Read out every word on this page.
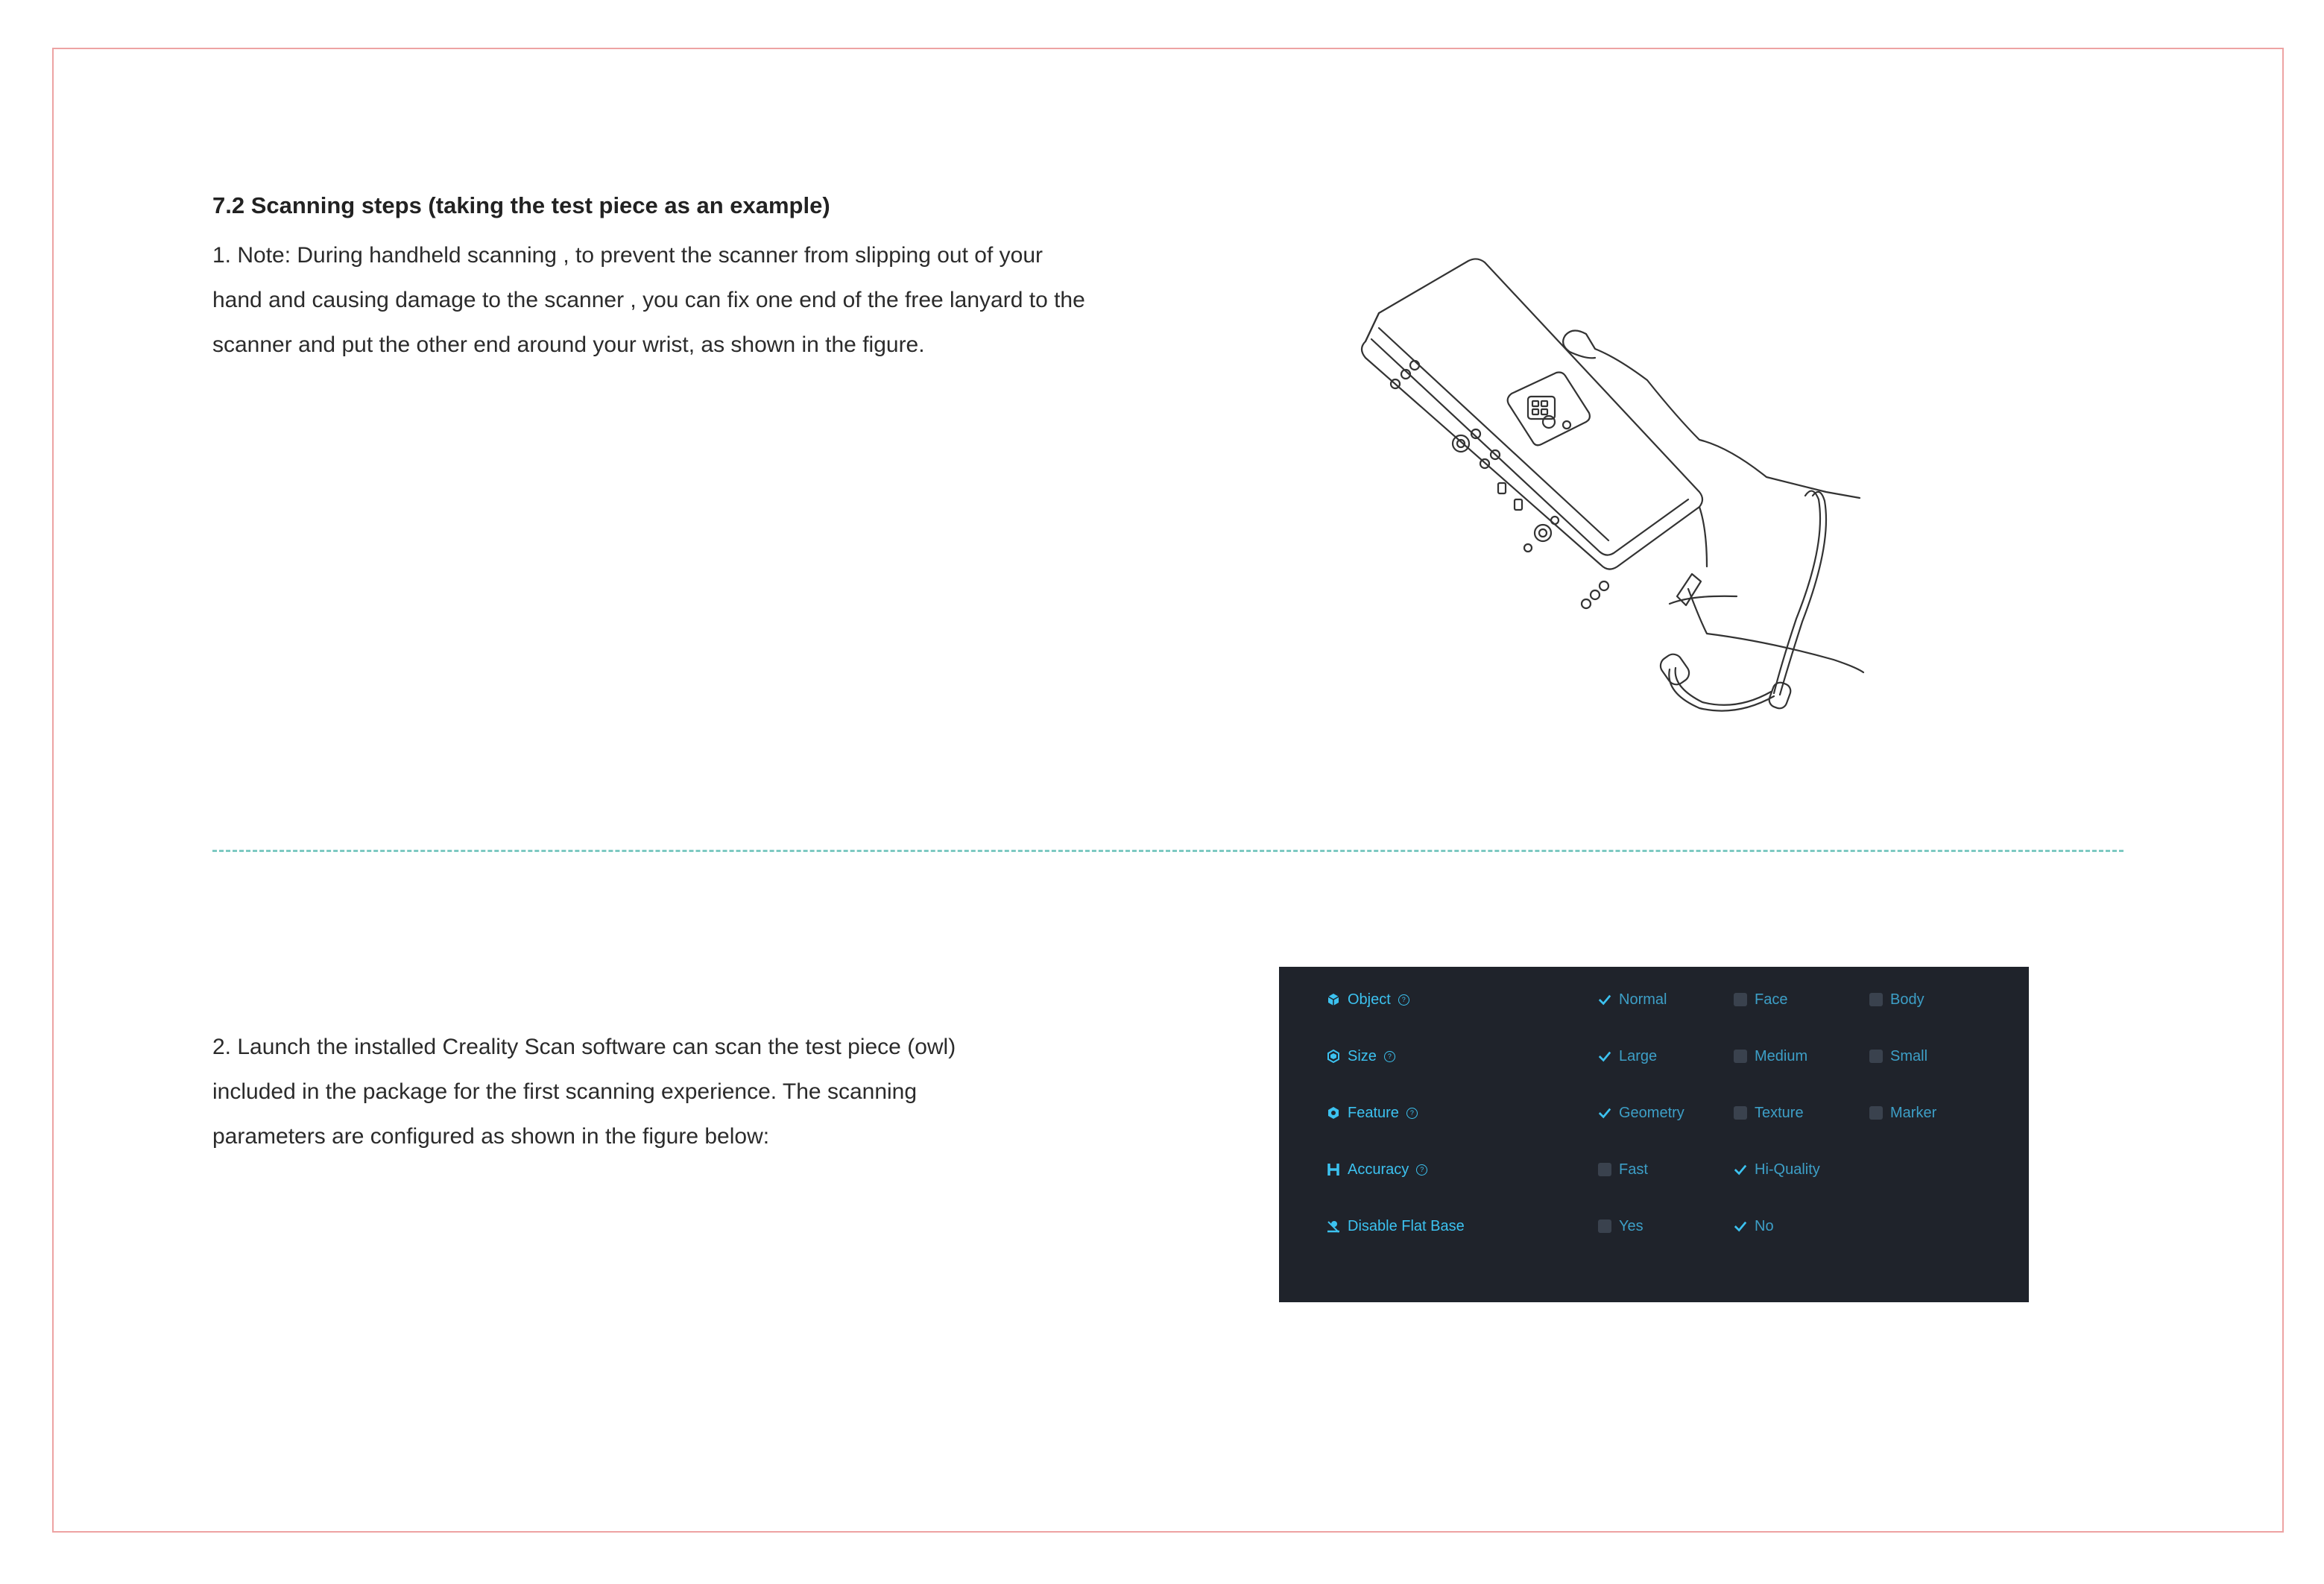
7.2 Scanning steps (taking the test piece as an example)
1. Note: During handheld scanning , to prevent the scanner from slipping out of your
hand and causing damage to the scanner , you can fix one end of the free lanyard to the
scanner and put the other end around your wrist, as shown in the figure.
2. Launch the installed Creality Scan software can scan the test piece (owl)
included in the package for the first scanning experience. The scanning
parameters are configured as shown in the figure below:
Object	?	Normal	Face	Body
Size	?	Large	Medium	Small
Feature	?	Geometry	Texture	Marker
Accuracy	?	Fast	Hi-Quality
Disable Flat Base	Yes	No
